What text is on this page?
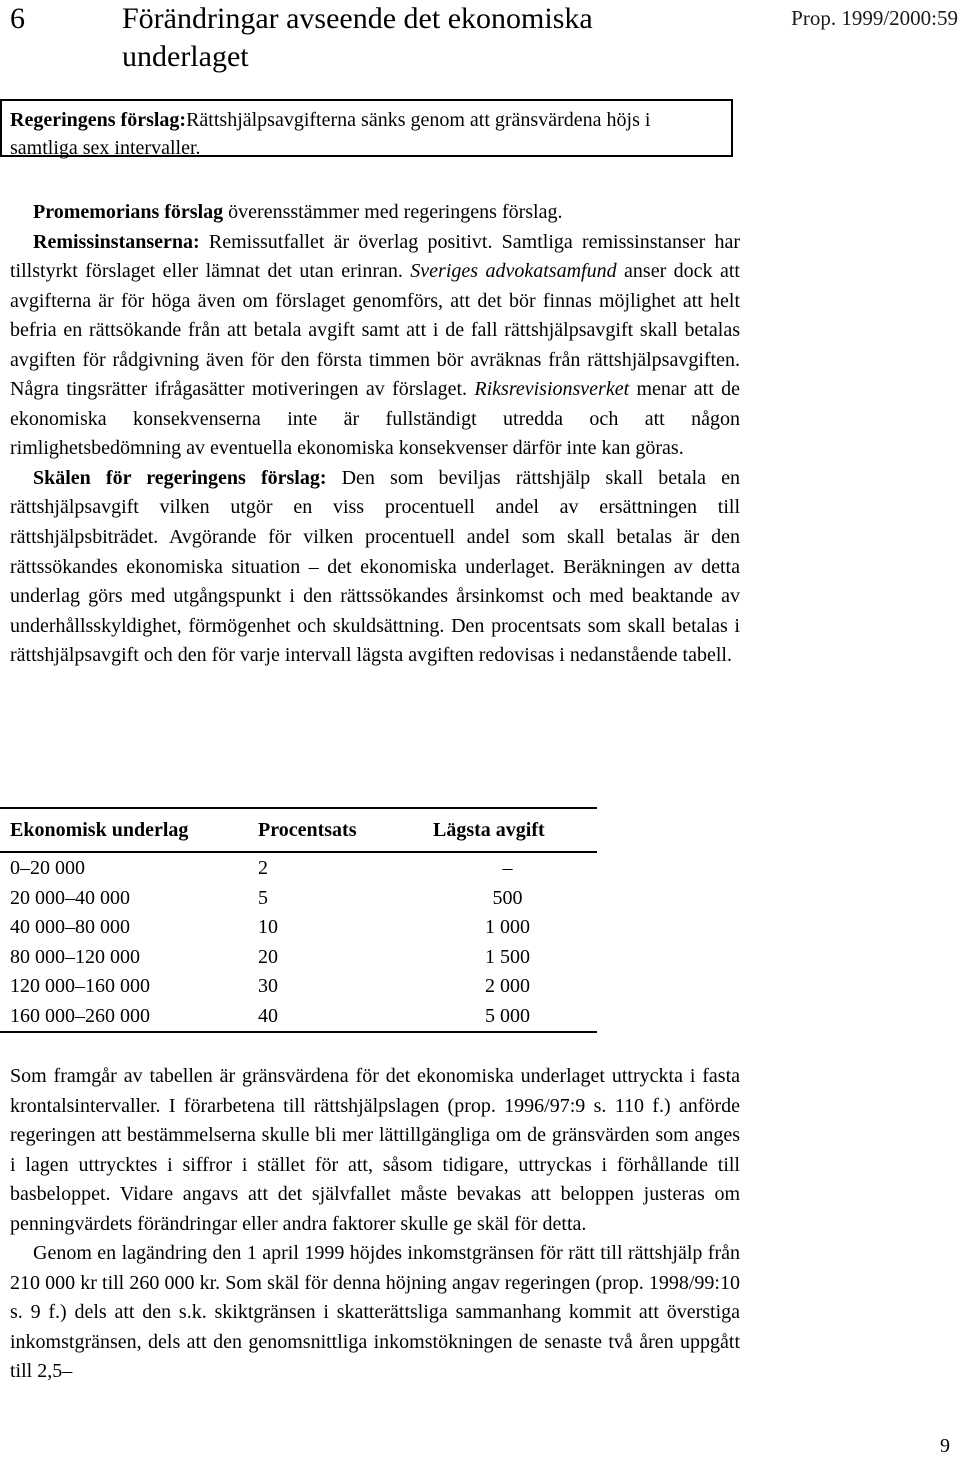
6	Förändringar avseende det ekonomiska underlaget
Prop. 1999/2000:59
Regeringens förslag:Rättshjälpsavgifterna sänks genom att gränsvärdena höjs i samtliga sex intervaller.

Promemorians förslag överensstämmer med regeringens förslag.

Remissinstanserna: Remissutfallet är överlag positivt. Samtliga remissinstanser har tillstyrkt förslaget eller lämnat det utan erinran. Sveriges advokatsamfund anser dock att avgifterna är för höga även om förslaget genomförs, att det bör finnas möjlighet att helt befria en rättsökande från att betala avgift samt att i de fall rättshjälpsavgift skall betalas avgiften för rådgivning även för den första timmen bör avräknas från rättshjälpsavgiften. Några tingsrätter ifrågasätter motiveringen av förslaget. Riksrevisionsverket menar att de ekonomiska konsekvenserna inte är fullständigt utredda och att någon rimlighetsbedömning av eventuella ekonomiska konsekvenser därför inte kan göras.

Skälen för regeringens förslag: Den som beviljas rättshjälp skall betala en rättshjälpsavgift vilken utgör en viss procentuell andel av ersättningen till rättshjälpsbiträdet. Avgörande för vilken procentuell andel som skall betalas är den rättssökandes ekonomiska situation – det ekonomiska underlaget. Beräkningen av detta underlag görs med utgångspunkt i den rättssökandes årsinkomst och med beaktande av underhållsskyldighet, förmögenhet och skuldsättning. Den procentsats som skall betalas i rättshjälpsavgift och den för varje intervall lägsta avgiften redovisas i nedanstående tabell.

Ekonomisk underlag	Procentsats	Lägsta avgift
0–20 000	2	–
20 000–40 000	5	500
40 000–80 000	10	1 000
80 000–120 000	20	1 500
120 000–160 000	30	2 000
160 000–260 000	40	5 000

Som framgår av tabellen är gränsvärdena för det ekonomiska underlaget uttryckta i fasta krontalsintervaller. I förarbetena till rättshjälpslagen (prop. 1996/97:9 s. 110 f.) anförde regeringen att bestämmelserna skulle bli mer lättillgängliga om de gränsvärden som anges i lagen uttrycktes i siffror i stället för att, såsom tidigare, uttryckas i förhållande till basbeloppet. Vidare angavs att det självfallet måste bevakas att beloppen justeras om penningvärdets förändringar eller andra faktorer skulle ge skäl för detta.

Genom en lagändring den 1 april 1999 höjdes inkomstgränsen för rätt till rättshjälp från 210 000 kr till 260 000 kr. Som skäl för denna höjning angav regeringen (prop. 1998/99:10 s. 9 f.) dels att den s.k. skiktgränsen i skatterättsliga sammanhang kommit att överstiga inkomstgränsen, dels att den genomsnittliga inkomstökningen de senaste två åren uppgått till 2,5–

9
